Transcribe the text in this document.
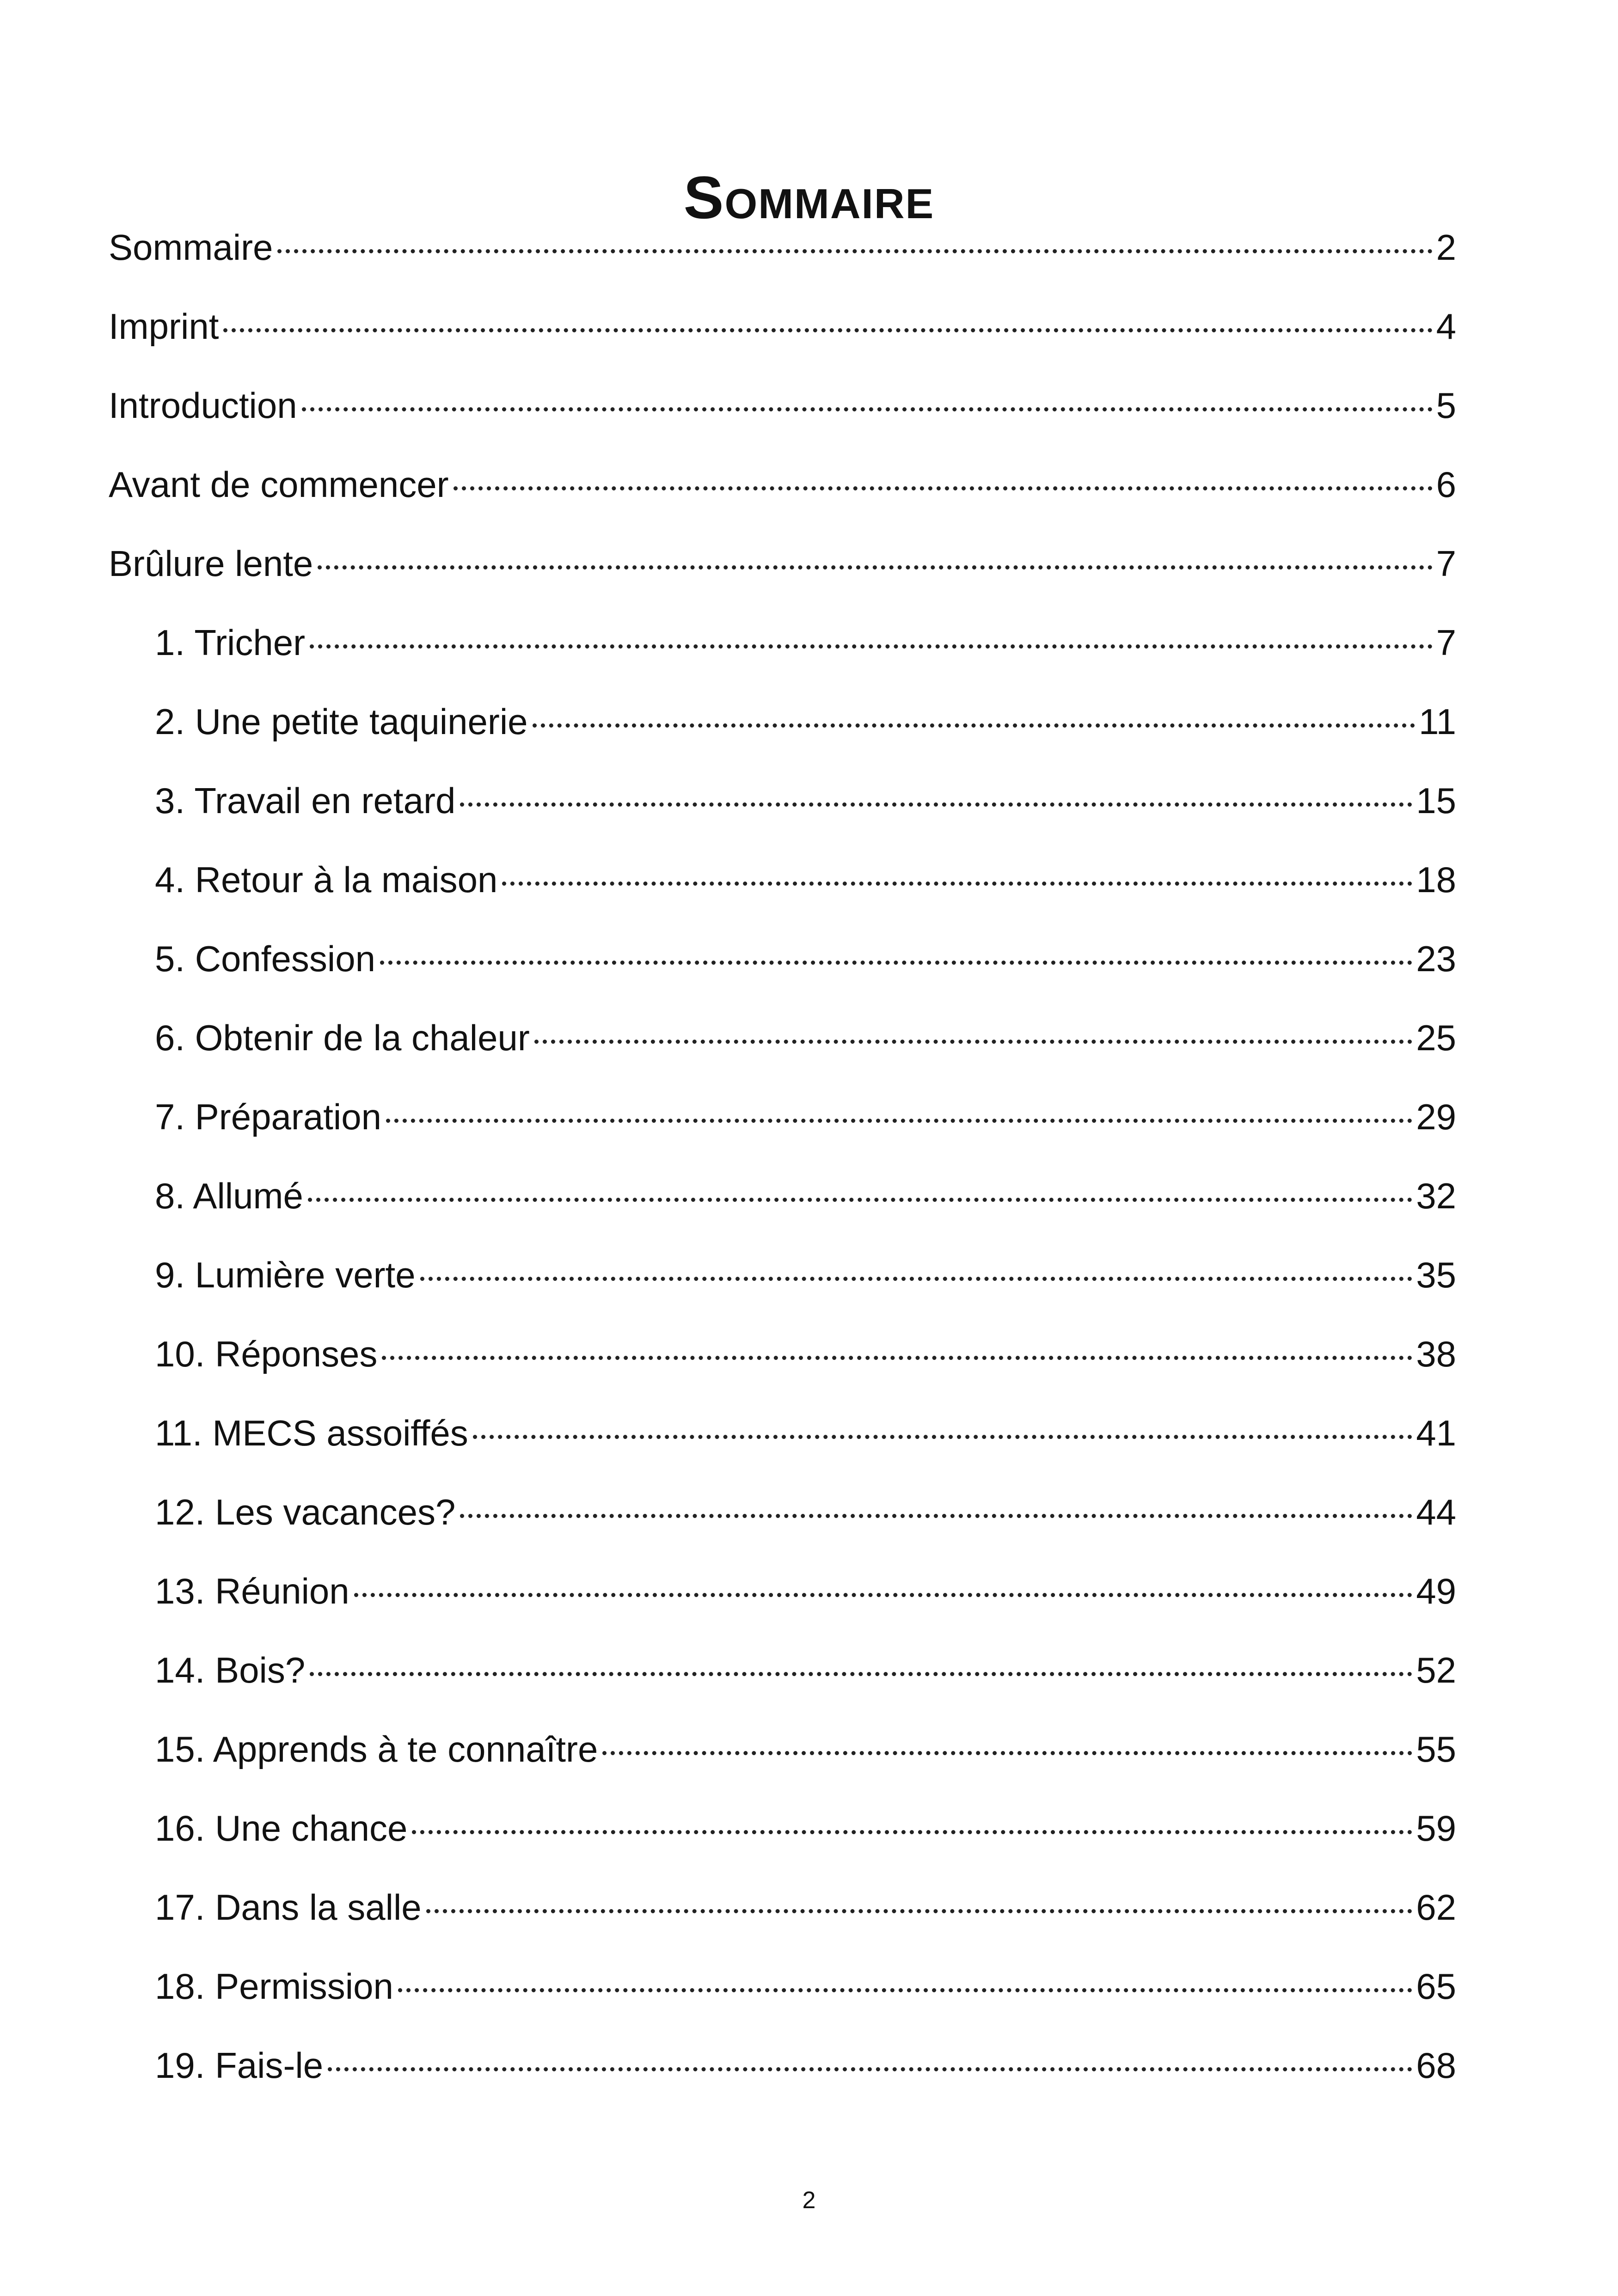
Sommaire
Sommaire	2
Imprint	4
Introduction	5
Avant de commencer	6
Brûlure lente	7
1. Tricher	7
2. Une petite taquinerie	11
3. Travail en retard	15
4. Retour à la maison	18
5. Confession	23
6. Obtenir de la chaleur	25
7. Préparation	29
8. Allumé	32
9. Lumière verte	35
10. Réponses	38
11. MECS assoiffés	41
12. Les vacances?	44
13. Réunion	49
14. Bois?	52
15. Apprends à te connaître	55
16. Une chance	59
17. Dans la salle	62
18. Permission	65
19. Fais-le	68
2
